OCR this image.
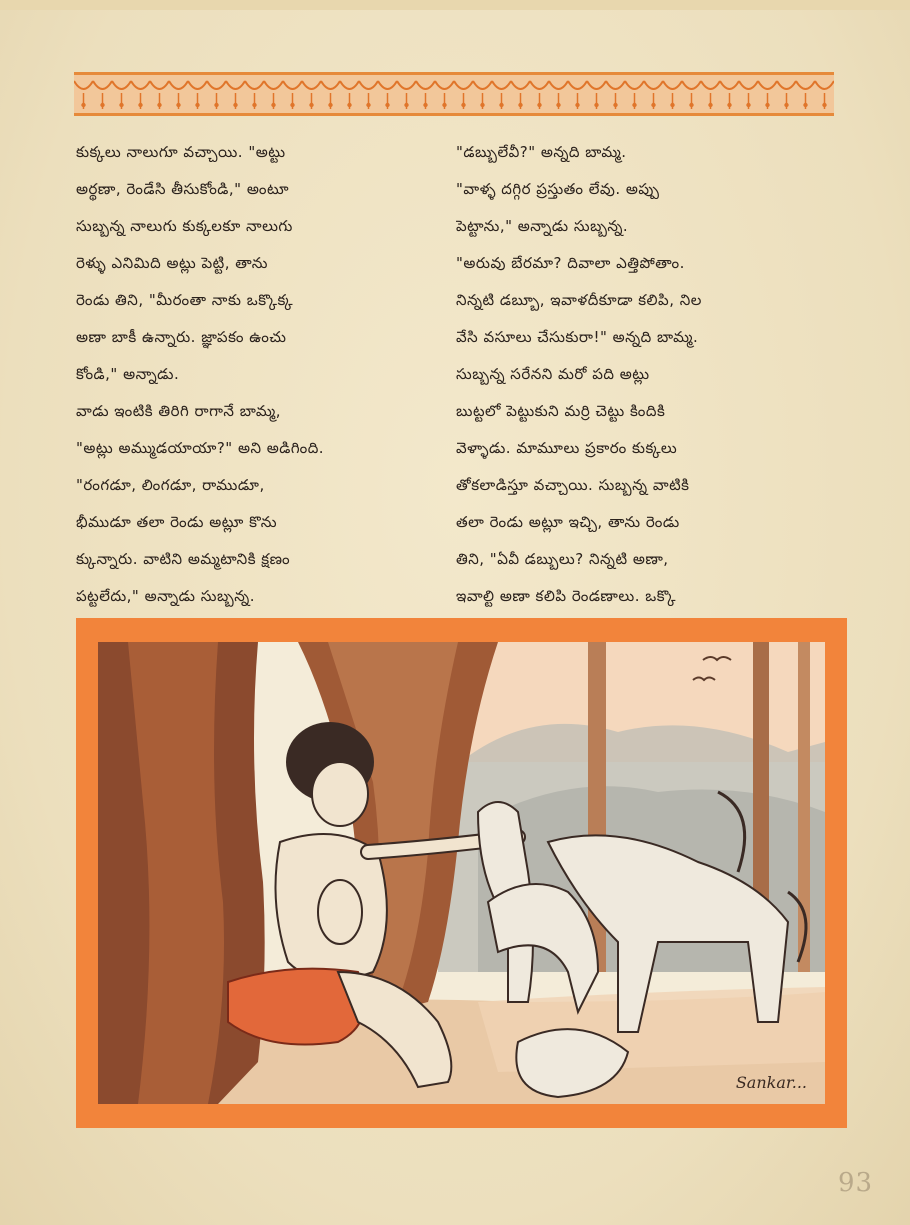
కుక్కలు నాలుగూ వచ్చాయి. "అట్టు

అర్థణా, రెండేసి తీసుకోండి," అంటూ

సుబ్బన్న నాలుగు కుక్కలకూ నాలుగు

రెళ్ళు ఎనిమిది అట్లు పెట్టి, తాను

రెండు తిని, "మీరంతా నాకు ఒక్కొక్క

అణా బాకీ ఉన్నారు. జ్ఞాపకం ఉంచు

కోండి," అన్నాడు.

వాడు ఇంటికి తిరిగి రాగానే బామ్మ,

"అట్లు అమ్ముడయాయా?" అని అడిగింది.

"రంగడూ, లింగడూ, రాముడూ,

భీముడూ తలా రెండు అట్లూ కొను

క్కున్నారు. వాటిని అమ్మటానికి క్షణం

పట్టలేదు," అన్నాడు సుబ్బన్న.

"డబ్బులేవీ?" అన్నది బామ్మ.

"వాళ్ళ దగ్గిర ప్రస్తుతం లేవు. అప్పు

పెట్టాను," అన్నాడు సుబ్బన్న.

"అరువు బేరమా? దివాలా ఎత్తిపోతాం.

నిన్నటి డబ్బూ, ఇవాళదీకూడా కలిపి, నిల

వేసి వసూలు చేసుకురా!" అన్నది బామ్మ.

సుబ్బన్న సరేనని మరో పది అట్లు

బుట్టలో పెట్టుకుని మర్రి చెట్టు కిందికి

వెళ్ళాడు. మామూలు ప్రకారం కుక్కలు

తోకలాడిస్తూ వచ్చాయి. సుబ్బన్న వాటికి

తలా రెండు అట్లూ ఇచ్చి, తాను రెండు

తిని, "ఏవీ డబ్బులు? నిన్నటి అణా,

ఇవాల్టి అణా కలిపి రెండణాలు. ఒక్కొ

Sankar...
93
